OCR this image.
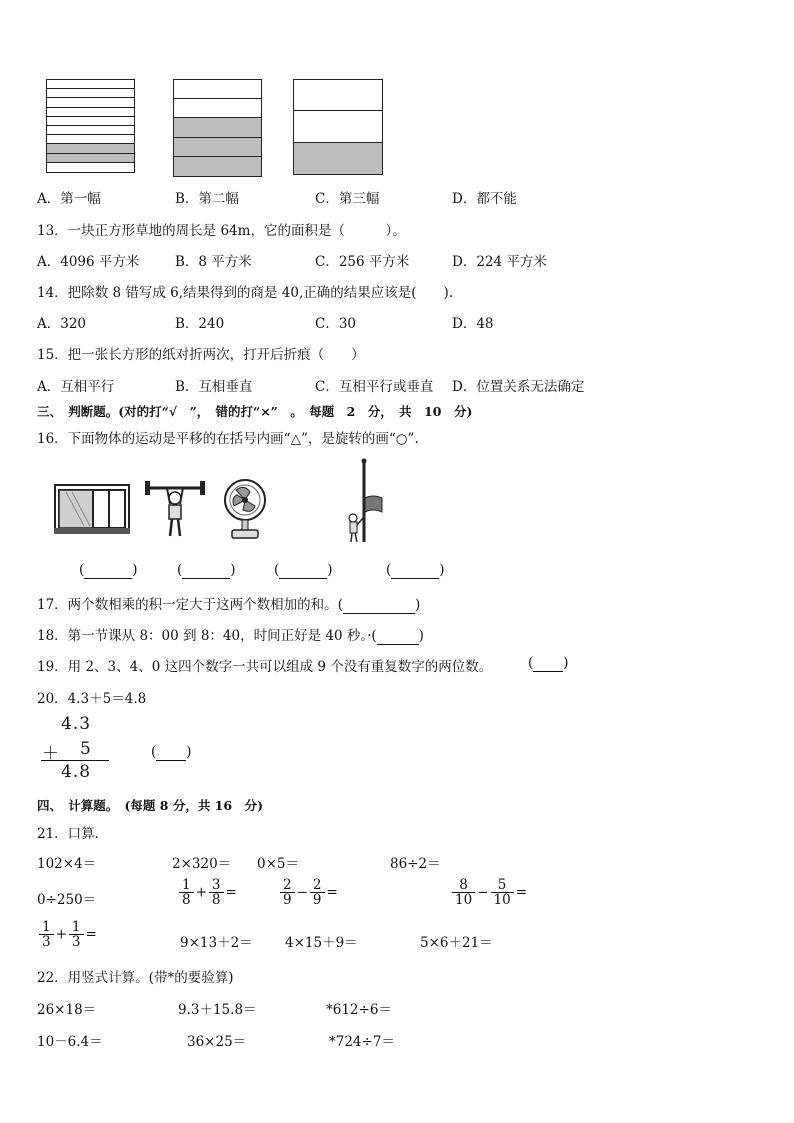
A．第一幅	B．第二幅	C．第三幅	D．都不能
13．一块正方形草地的周长是 64m，它的面积是（　　　）。
A．4096 平方米	B．8 平方米	C．256 平方米	D．224 平方米
14．把除数 8 错写成 6,结果得到的商是 40,正确的结果应该是(　　).
A．320	B．240	C．30	D．48
15．把一张长方形的纸对折两次，打开后折痕（　　）
A．互相平行	B．互相垂直	C．互相平行或垂直 D．位置关系无法确定
三、　判断题。(对的打“√　”，　错的打“×”　。　每题　2　分，　共　10　分)
16．下面物体的运动是平移的在括号内画“△”，是旋转的画“○”.
(	)	(	)	(	)	(	)
17．两个数相乘的积一定大于这两个数相加的和。(	)
18．第一节课从 8：00 到 8：40，时间正好是 40 秒。·(	)
19．用 2、3、4、0 这四个数字一共可以组成 9 个没有重复数字的两位数。	( )
20．4.3＋5＝4.8
4.3
＋ 5
4.8
( )
四、　计算题。　(每题 8 分，共 16　分)
21．口算．
102×4＝	2×320＝ 0×5＝	86÷2＝
0÷250＝	$\frac{1}{8} + \frac{3}{8}$ =	$\frac{2}{9} - \frac{2}{9}$ =	$\frac{8}{10} - \frac{5}{10}$ =
$\frac{1}{3} + \frac{1}{3}$ =
9×13＋2＝ 4×15＋9＝	5×6＋21＝
22．用竖式计算。(带*的要验算)
26×18＝	9.3＋15.8＝	*612÷6＝
10－6.4＝	36×25＝	*724÷7＝
